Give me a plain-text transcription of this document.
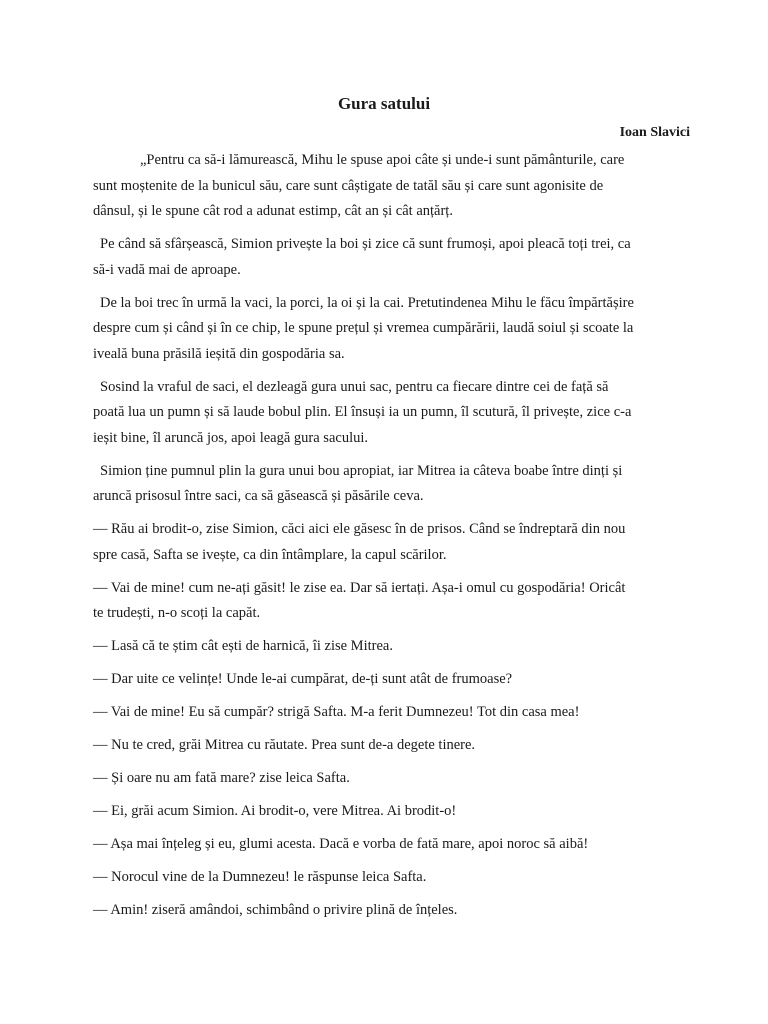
Gura satului
Ioan Slavici

„Pentru ca să-i lămurească, Mihu le spuse apoi câte și unde-i sunt pământurile, care
sunt moștenite de la bunicul său, care sunt câștigate de tatăl său și care sunt agonisite de
dânsul, și le spune cât rod a adunat estimp, cât an și cât anțărț.

Pe când să sfârșească, Simion privește la boi și zice că sunt frumoși, apoi pleacă toți trei, ca
să-i vadă mai de aproape.

De la boi trec în urmă la vaci, la porci, la oi și la cai. Pretutindenea Mihu le făcu împărtășire
despre cum și când și în ce chip, le spune prețul și vremea cumpărării, laudă soiul și scoate la
iveală buna prăsilă ieșită din gospodăria sa.

Sosind la vraful de saci, el dezleagă gura unui sac, pentru ca fiecare dintre cei de față să
poată lua un pumn și să laude bobul plin. El însuși ia un pumn, îl scutură, îl privește, zice c-a
ieșit bine, îl aruncă jos, apoi leagă gura sacului.

Simion ține pumnul plin la gura unui bou apropiat, iar Mitrea ia câteva boabe între dinți și
aruncă prisosul între saci, ca să găsească și păsările ceva.

— Rău ai brodit-o, zise Simion, căci aici ele găsesc în de prisos. Când se îndreptară din nou
spre casă, Safta se ivește, ca din întâmplare, la capul scărilor.

— Vai de mine! cum ne-ați găsit! le zise ea. Dar să iertați. Așa-i omul cu gospodăria! Oricât
te trudești, n-o scoți la capăt.

— Lasă că te știm cât ești de harnică, îi zise Mitrea.

— Dar uite ce velințe! Unde le-ai cumpărat, de-ți sunt atât de frumoase?

— Vai de mine! Eu să cumpăr? strigă Safta. M-a ferit Dumnezeu! Tot din casa mea!

— Nu te cred, grăi Mitrea cu răutate. Prea sunt de-a degete tinere.

— Și oare nu am fată mare? zise leica Safta.

— Ei, grăi acum Simion. Ai brodit-o, vere Mitrea. Ai brodit-o!

— Așa mai înțeleg și eu, glumi acesta. Dacă e vorba de fată mare, apoi noroc să aibă!

— Norocul vine de la Dumnezeu! le răspunse leica Safta.

— Amin! ziseră amândoi, schimbând o privire plină de înțeles.
